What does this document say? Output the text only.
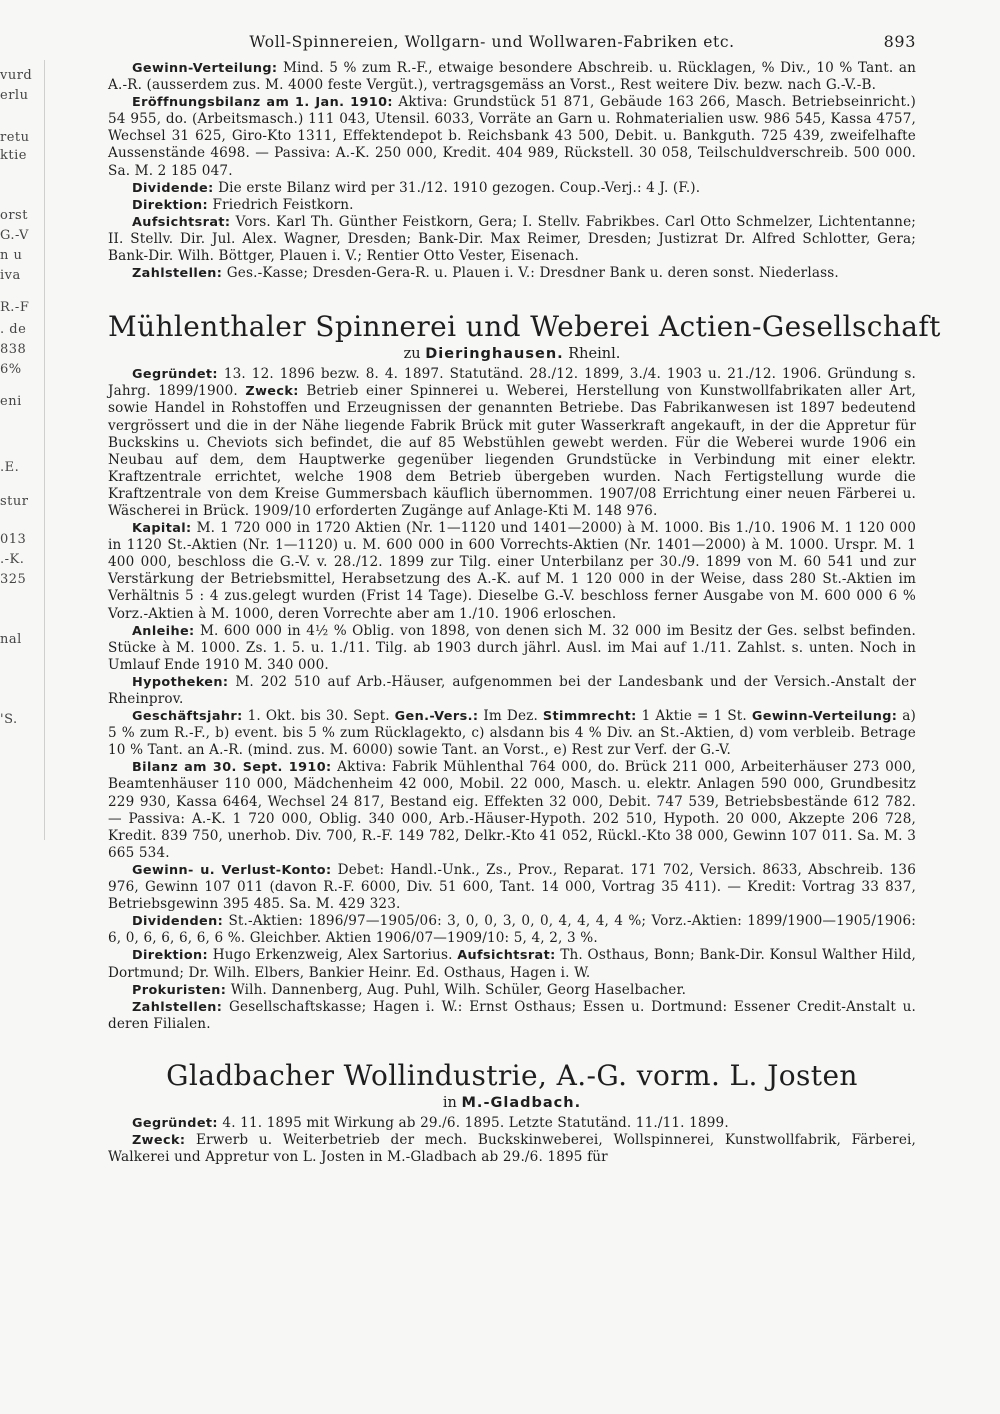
vurd
erlu
retu
ktie
orst
G.-V
n u
iva
R.-F
. de
838
6%
eni
.E.
stur
013
.-K.
325
nal
'S.
Woll-Spinnereien, Wollgarn- und Wollwaren-Fabriken etc.	893

Gewinn-Verteilung: Mind. 5 % zum R.-F., etwaige besondere Abschreib. u. Rücklagen, % Div., 10 % Tant. an A.-R. (ausserdem zus. M. 4000 feste Vergüt.), vertragsgemäss an Vorst., Rest weitere Div. bezw. nach G.-V.-B.

Eröffnungsbilanz am 1. Jan. 1910: Aktiva: Grundstück 51 871, Gebäude 163 266, Masch. Betriebseinricht.) 54 955, do. (Arbeitsmasch.) 111 043, Utensil. 6033, Vorräte an Garn u. Rohmaterialien usw. 986 545, Kassa 4757, Wechsel 31 625, Giro-Kto 1311, Effektendepot b. Reichsbank 43 500, Debit. u. Bankguth. 725 439, zweifelhafte Aussenstände 4698. — Passiva: A.-K. 250 000, Kredit. 404 989, Rückstell. 30 058, Teilschuldverschreib. 500 000. Sa. M. 2 185 047.

Dividende: Die erste Bilanz wird per 31./12. 1910 gezogen. Coup.-Verj.: 4 J. (F.).

Direktion: Friedrich Feistkorn.

Aufsichtsrat: Vors. Karl Th. Günther Feistkorn, Gera; I. Stellv. Fabrikbes. Carl Otto Schmelzer, Lichtentanne; II. Stellv. Dir. Jul. Alex. Wagner, Dresden; Bank-Dir. Max Reimer, Dresden; Justizrat Dr. Alfred Schlotter, Gera; Bank-Dir. Wilh. Böttger, Plauen i. V.; Rentier Otto Vester, Eisenach.

Zahlstellen: Ges.-Kasse; Dresden-Gera-R. u. Plauen i. V.: Dresdner Bank u. deren sonst. Niederlass.

Mühlenthaler Spinnerei und Weberei Actien-Gesellschaft
zu Dieringhausen. Rheinl.

Gegründet: 13. 12. 1896 bezw. 8. 4. 1897. Statutänd. 28./12. 1899, 3./4. 1903 u. 21./12. 1906. Gründung s. Jahrg. 1899/1900. Zweck: Betrieb einer Spinnerei u. Weberei, Herstellung von Kunstwollfabrikaten aller Art, sowie Handel in Rohstoffen und Erzeugnissen der genannten Betriebe. Das Fabrikanwesen ist 1897 bedeutend vergrössert und die in der Nähe liegende Fabrik Brück mit guter Wasserkraft angekauft, in der die Appretur für Buckskins u. Cheviots sich befindet, die auf 85 Webstühlen gewebt werden. Für die Weberei wurde 1906 ein Neubau auf dem, dem Hauptwerke gegenüber liegenden Grundstücke in Verbindung mit einer elektr. Kraftzentrale errichtet, welche 1908 dem Betrieb übergeben wurden. Nach Fertigstellung wurde die Kraftzentrale von dem Kreise Gummersbach käuflich übernommen. 1907/08 Errichtung einer neuen Färberei u. Wäscherei in Brück. 1909/10 erforderten Zugänge auf Anlage-Kti M. 148 976.

Kapital: M. 1 720 000 in 1720 Aktien (Nr. 1—1120 und 1401—2000) à M. 1000. Bis 1./10. 1906 M. 1 120 000 in 1120 St.-Aktien (Nr. 1—1120) u. M. 600 000 in 600 Vorrechts-Aktien (Nr. 1401—2000) à M. 1000. Urspr. M. 1 400 000, beschloss die G.-V. v. 28./12. 1899 zur Tilg. einer Unterbilanz per 30./9. 1899 von M. 60 541 und zur Verstärkung der Betriebsmittel, Herabsetzung des A.-K. auf M. 1 120 000 in der Weise, dass 280 St.-Aktien im Verhältnis 5 : 4 zus.gelegt wurden (Frist 14 Tage). Dieselbe G.-V. beschloss ferner Ausgabe von M. 600 000 6 % Vorz.-Aktien à M. 1000, deren Vorrechte aber am 1./10. 1906 erloschen.

Anleihe: M. 600 000 in 4½ % Oblig. von 1898, von denen sich M. 32 000 im Besitz der Ges. selbst befinden. Stücke à M. 1000. Zs. 1. 5. u. 1./11. Tilg. ab 1903 durch jährl. Ausl. im Mai auf 1./11. Zahlst. s. unten. Noch in Umlauf Ende 1910 M. 340 000.

Hypotheken: M. 202 510 auf Arb.-Häuser, aufgenommen bei der Landesbank und der Versich.-Anstalt der Rheinprov.

Geschäftsjahr: 1. Okt. bis 30. Sept. Gen.-Vers.: Im Dez. Stimmrecht: 1 Aktie = 1 St. Gewinn-Verteilung: a) 5 % zum R.-F., b) event. bis 5 % zum Rücklagekto, c) alsdann bis 4 % Div. an St.-Aktien, d) vom verbleib. Betrage 10 % Tant. an A.-R. (mind. zus. M. 6000) sowie Tant. an Vorst., e) Rest zur Verf. der G.-V.

Bilanz am 30. Sept. 1910: Aktiva: Fabrik Mühlenthal 764 000, do. Brück 211 000, Arbeiterhäuser 273 000, Beamtenhäuser 110 000, Mädchenheim 42 000, Mobil. 22 000, Masch. u. elektr. Anlagen 590 000, Grundbesitz 229 930, Kassa 6464, Wechsel 24 817, Bestand eig. Effekten 32 000, Debit. 747 539, Betriebsbestände 612 782. — Passiva: A.-K. 1 720 000, Oblig. 340 000, Arb.-Häuser-Hypoth. 202 510, Hypoth. 20 000, Akzepte 206 728, Kredit. 839 750, unerhob. Div. 700, R.-F. 149 782, Delkr.-Kto 41 052, Rückl.-Kto 38 000, Gewinn 107 011. Sa. M. 3 665 534.

Gewinn- u. Verlust-Konto: Debet: Handl.-Unk., Zs., Prov., Reparat. 171 702, Versich. 8633, Abschreib. 136 976, Gewinn 107 011 (davon R.-F. 6000, Div. 51 600, Tant. 14 000, Vortrag 35 411). — Kredit: Vortrag 33 837, Betriebsgewinn 395 485. Sa. M. 429 323.

Dividenden: St.-Aktien: 1896/97—1905/06: 3, 0, 0, 3, 0, 0, 4, 4, 4, 4 %; Vorz.-Aktien: 1899/1900—1905/1906: 6, 0, 6, 6, 6, 6, 6 %. Gleichber. Aktien 1906/07—1909/10: 5, 4, 2, 3 %.

Direktion: Hugo Erkenzweig, Alex Sartorius. Aufsichtsrat: Th. Osthaus, Bonn; Bank-Dir. Konsul Walther Hild, Dortmund; Dr. Wilh. Elbers, Bankier Heinr. Ed. Osthaus, Hagen i. W.

Prokuristen: Wilh. Dannenberg, Aug. Puhl, Wilh. Schüler, Georg Haselbacher.

Zahlstellen: Gesellschaftskasse; Hagen i. W.: Ernst Osthaus; Essen u. Dortmund: Essener Credit-Anstalt u. deren Filialen.

Gladbacher Wollindustrie, A.-G. vorm. L. Josten
in M.-Gladbach.

Gegründet: 4. 11. 1895 mit Wirkung ab 29./6. 1895. Letzte Statutänd. 11./11. 1899.

Zweck: Erwerb u. Weiterbetrieb der mech. Buckskinweberei, Wollspinnerei, Kunstwollfabrik, Färberei, Walkerei und Appretur von L. Josten in M.-Gladbach ab 29./6. 1895 für
